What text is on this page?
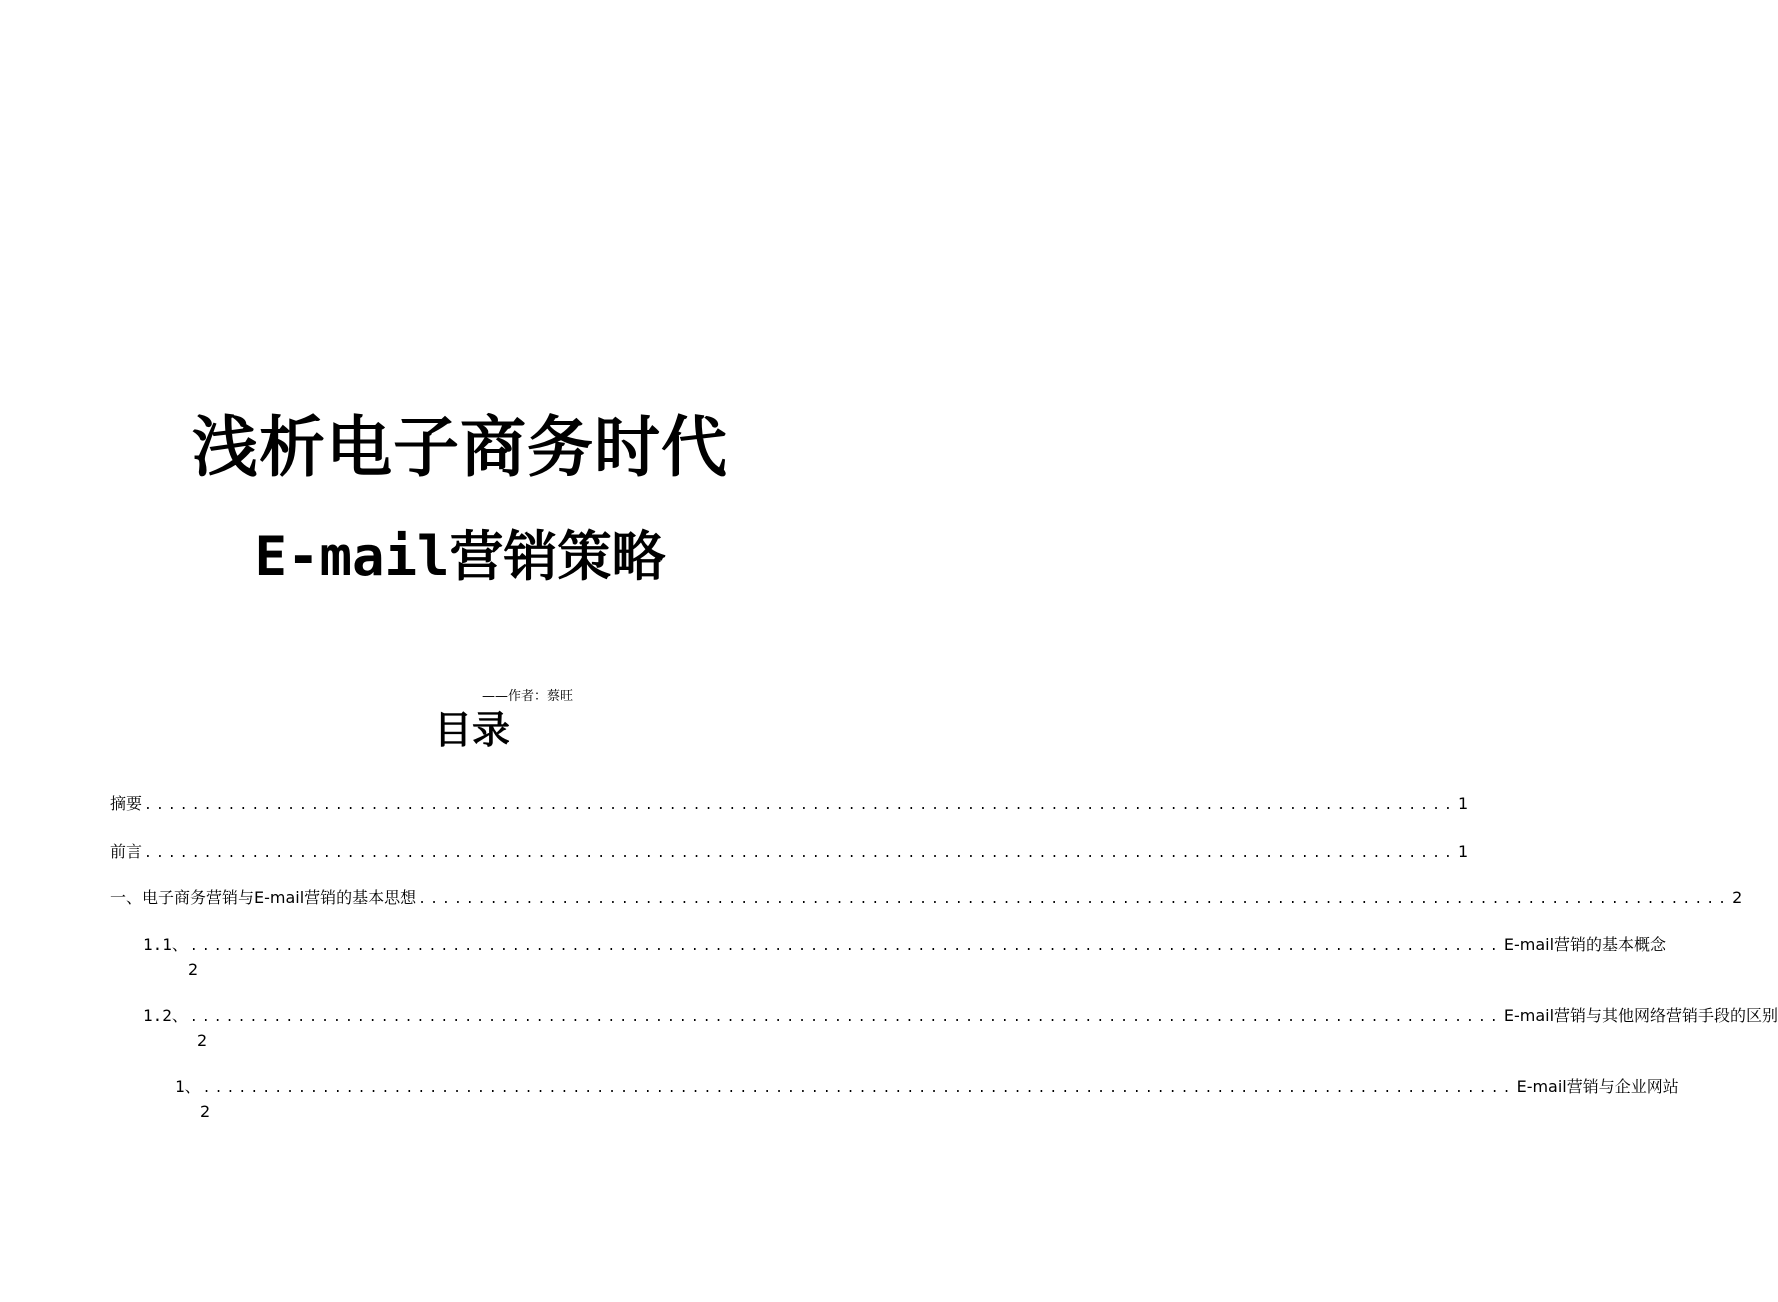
浅析电子商务时代
E-mail营销策略
——作者：蔡旺
目录
摘要 .............................................................................................................. 1
前言 .............................................................................................................. 1
一、电子商务营销与E-mail营销的基本思想 .............................................................................................................. 2
1.1、 .............................................................................................................. E-mail营销的基本概念
2
1.2、 .............................................................................................................. E-mail营销与其他网络营销手段的区别
2
1、 .............................................................................................................. E-mail营销与企业网站
2
